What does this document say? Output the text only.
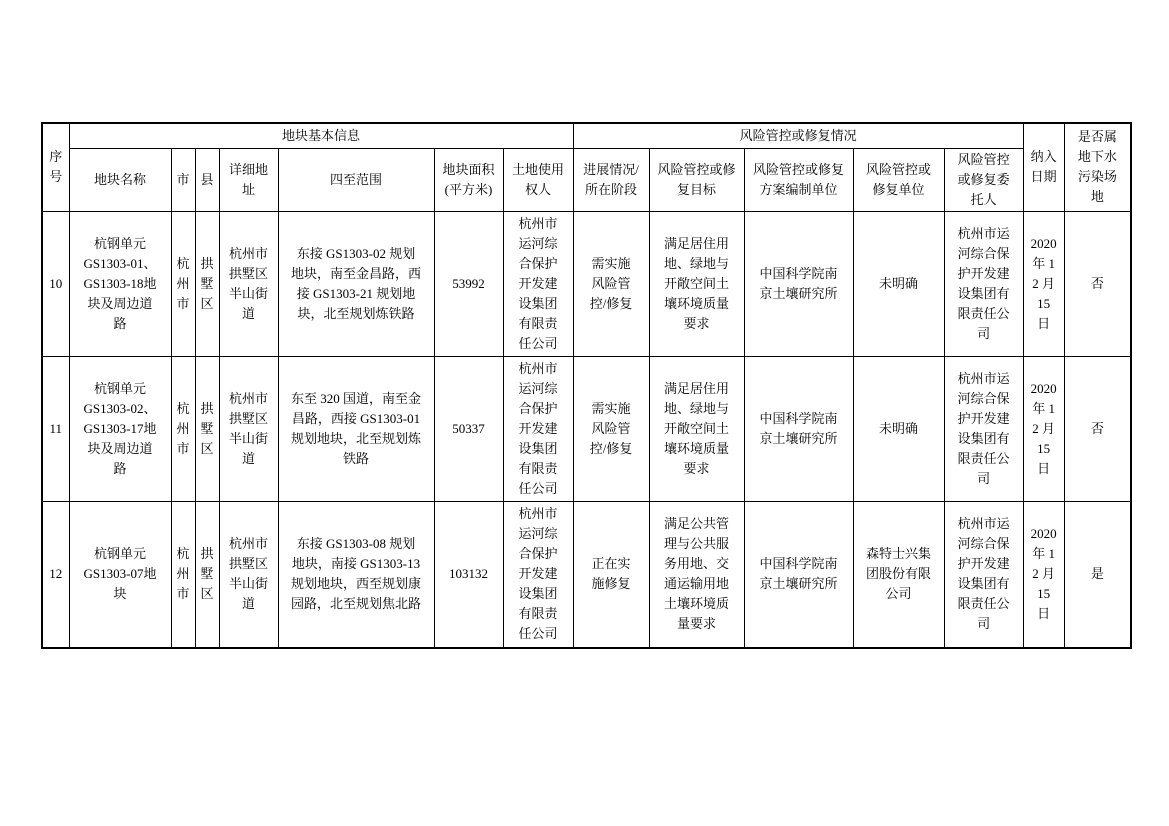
序号	地块基本信息							风险管控或修复情况					纳入日期	是否属地下水污染场地
	地块名称	市	县	详细地址	四至范围	地块面积(平方米)	土地使用权人	进展情况/所在阶段	风险管控或修复目标	风险管控或修复方案编制单位	风险管控或修复单位	风险管控或修复委托人		
10	杭钢单元GS1303-01、GS1303-18地块及周边道路	杭州市	拱墅区	杭州市拱墅区半山街道	东接 GS1303-02 规划地块，南至金昌路，西接 GS1303-21 规划地块，北至规划炼铁路	53992	杭州市运河综合保护开发建设集团有限责任公司	需实施风险管控/修复	满足居住用地、绿地与开敞空间土壤环境质量要求	中国科学院南京土壤研究所	未明确	杭州市运河综合保护开发建设集团有限责任公司	2020 年 12 月 15 日	否
11	杭钢单元GS1303-02、GS1303-17地块及周边道路	杭州市	拱墅区	杭州市拱墅区半山街道	东至 320 国道，南至金昌路，西接 GS1303-01 规划地块，北至规划炼铁路	50337	杭州市运河综合保护开发建设集团有限责任公司	需实施风险管控/修复	满足居住用地、绿地与开敞空间土壤环境质量要求	中国科学院南京土壤研究所	未明确	杭州市运河综合保护开发建设集团有限责任公司	2020 年 12 月 15 日	否
12	杭钢单元GS1303-07地块	杭州市	拱墅区	杭州市拱墅区半山街道	东接 GS1303-08 规划地块，南接 GS1303-13 规划地块，西至规划康园路，北至规划焦北路	103132	杭州市运河综合保护开发建设集团有限责任公司	正在实施修复	满足公共管理与公共服务用地、交通运输用地土壤环境质量要求	中国科学院南京土壤研究所	森特士兴集团股份有限公司	杭州市运河综合保护开发建设集团有限责任公司	2020 年 12 月 15 日	是
